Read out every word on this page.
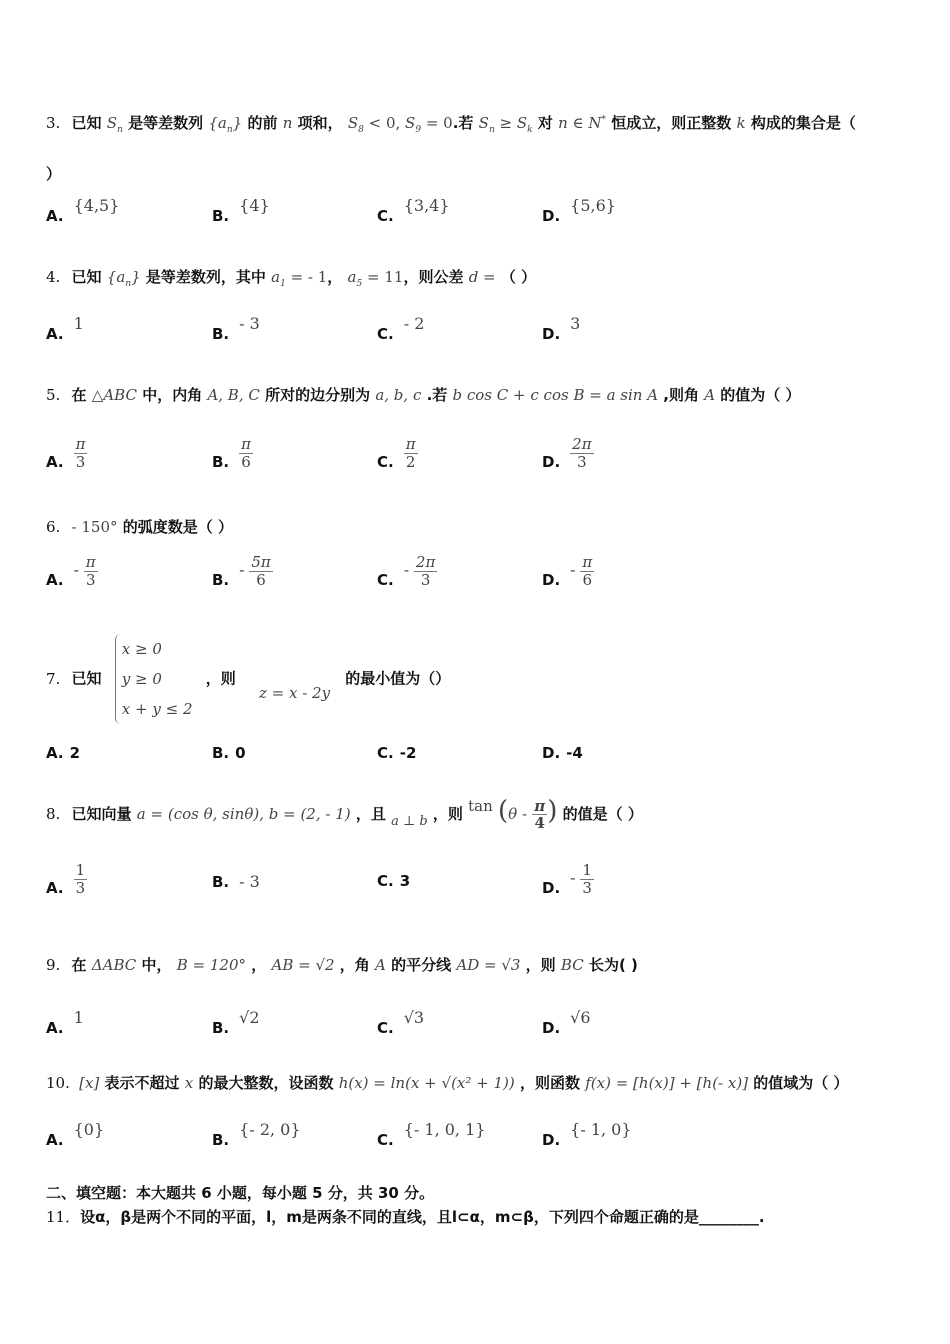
3. 已知 $S_n$ 是等差数列 $\{a_n\}$ 的前 n 项和， $S_8 < 0$, $S_9 = 0$.若 $S_n \ge S_k$ 对 n ∈ N* 恒成立，则正整数 k 构成的集合是（
）
A.{4,5}
B.{4}
C.{3,4}
D.{5,6}
4. 已知 $\{a_n\}$ 是等差数列，其中 $a_1$ = - 1， $a_5 = 11$，则公差 d = （ ）
A.1
B.- 3
C.- 2
D.3
5. 在 △ABC 中，内角 A, B, C 所对的边分别为 a, b, c .若 b cos C + c cos B = a sin A ,则角 A 的值为（ ）
A. $\frac{\pi}{3}$	B. $\frac{\pi}{6}$	C. $\frac{\pi}{2}$	D. $\frac{2\pi}{3}$
6. - 150° 的弧度数是（ ）
$A.- \frac{\pi}{3}$	$B.- \frac{5\pi}{6}$	$C.- \frac{2\pi}{3}$	$D.- \frac{\pi}{6}$
7. 已知
x ≥ 0
y ≥ 0
x + y ≤ 2
，则 z = x - 2y 的最小值为（）
A. 2	B. 0	C. -2	D. -4
8. 已知向量 a = (cos θ, sinθ), b = (2, - 1) ，且 a ⊥ b ，则 $\tan (\theta - \frac{\pi}{4}$ ) 的值是（ ）
A. $\frac{1}{3}$	B. - 3	C. 3	$D.- \frac{1}{3}$
9. 在 ΔABC 中， B = 120° ， AB = √2 ，角 A 的平分线 AD = √3 ，则 BC 长为( )
A.1
B.√2
C.√3
D.√6
10. [x] 表示不超过 x 的最大整数，设函数 h(x) = ln(x + √(x² + 1)) ，则函数 f(x) = [h(x)] + [h(- x)] 的值域为（ ）
A.{0}
B.{- 2, 0}
C.{- 1, 0, 1}
D.{- 1, 0}
二、填空题：本大题共 6 小题，每小题 5 分，共 30 分。
11．设α，β是两个不同的平面，l，m是两条不同的直线，且l⊂α，m⊂β，下列四个命题正确的是________.
